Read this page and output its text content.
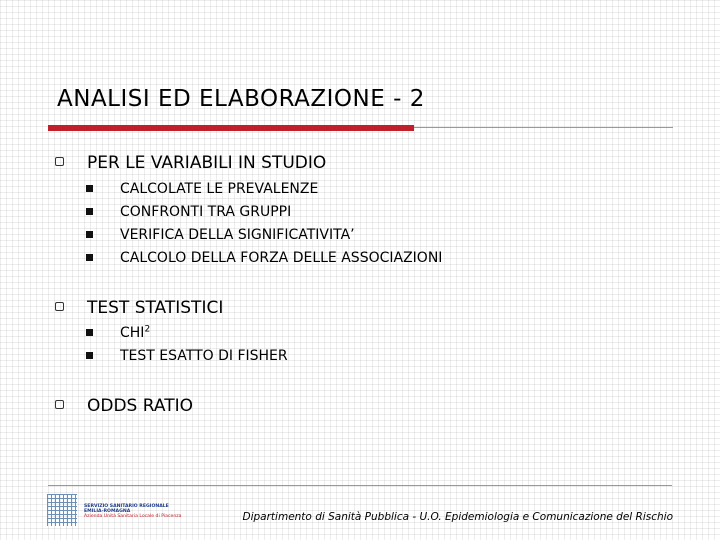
ANALISI ED ELABORAZIONE - 2
PER LE VARIABILI IN STUDIO
CALCOLATE LE PREVALENZE
CONFRONTI TRA GRUPPI
VERIFICA DELLA SIGNIFICATIVITA’
CALCOLO DELLA FORZA DELLE ASSOCIAZIONI
TEST STATISTICI
CHI$^2$
TEST ESATTO DI FISHER
ODDS RATIO
SERVIZIO SANITARIO REGIONALE
EMILIA-ROMAGNA
Azienda Unità Sanitaria Locale di Piacenza	Dipartimento di Sanità Pubblica - U.O. Epidemiologia e Comunicazione del Rischio
